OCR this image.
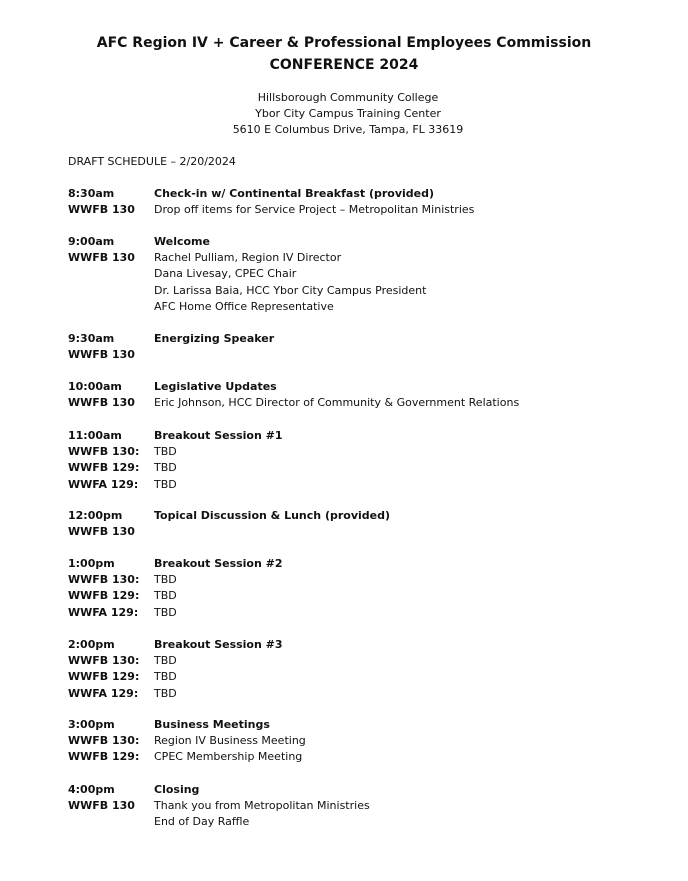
AFC Region IV + Career & Professional Employees Commission
CONFERENCE 2024
Hillsborough Community College
Ybor City Campus Training Center
5610 E Columbus Drive, Tampa, FL 33619
DRAFT SCHEDULE – 2/20/2024
8:30am	Check-in w/ Continental Breakfast (provided)
WWFB 130	Drop off items for Service Project – Metropolitan Ministries
9:00am	Welcome
WWFB 130	Rachel Pulliam, Region IV Director
Dana Livesay, CPEC Chair
Dr. Larissa Baia, HCC Ybor City Campus President
AFC Home Office Representative
9:30am	Energizing Speaker
WWFB 130
10:00am	Legislative Updates
WWFB 130	Eric Johnson, HCC Director of Community & Government Relations
11:00am	Breakout Session #1
WWFB 130:	TBD
WWFB 129:	TBD
WWFA 129:	TBD
12:00pm	Topical Discussion & Lunch (provided)
WWFB 130
1:00pm	Breakout Session #2
WWFB 130:	TBD
WWFB 129:	TBD
WWFA 129:	TBD
2:00pm	Breakout Session #3
WWFB 130:	TBD
WWFB 129:	TBD
WWFA 129:	TBD
3:00pm	Business Meetings
WWFB 130:	Region IV Business Meeting
WWFB 129:	CPEC Membership Meeting
4:00pm	Closing
WWFB 130	Thank you from Metropolitan Ministries
End of Day Raffle
